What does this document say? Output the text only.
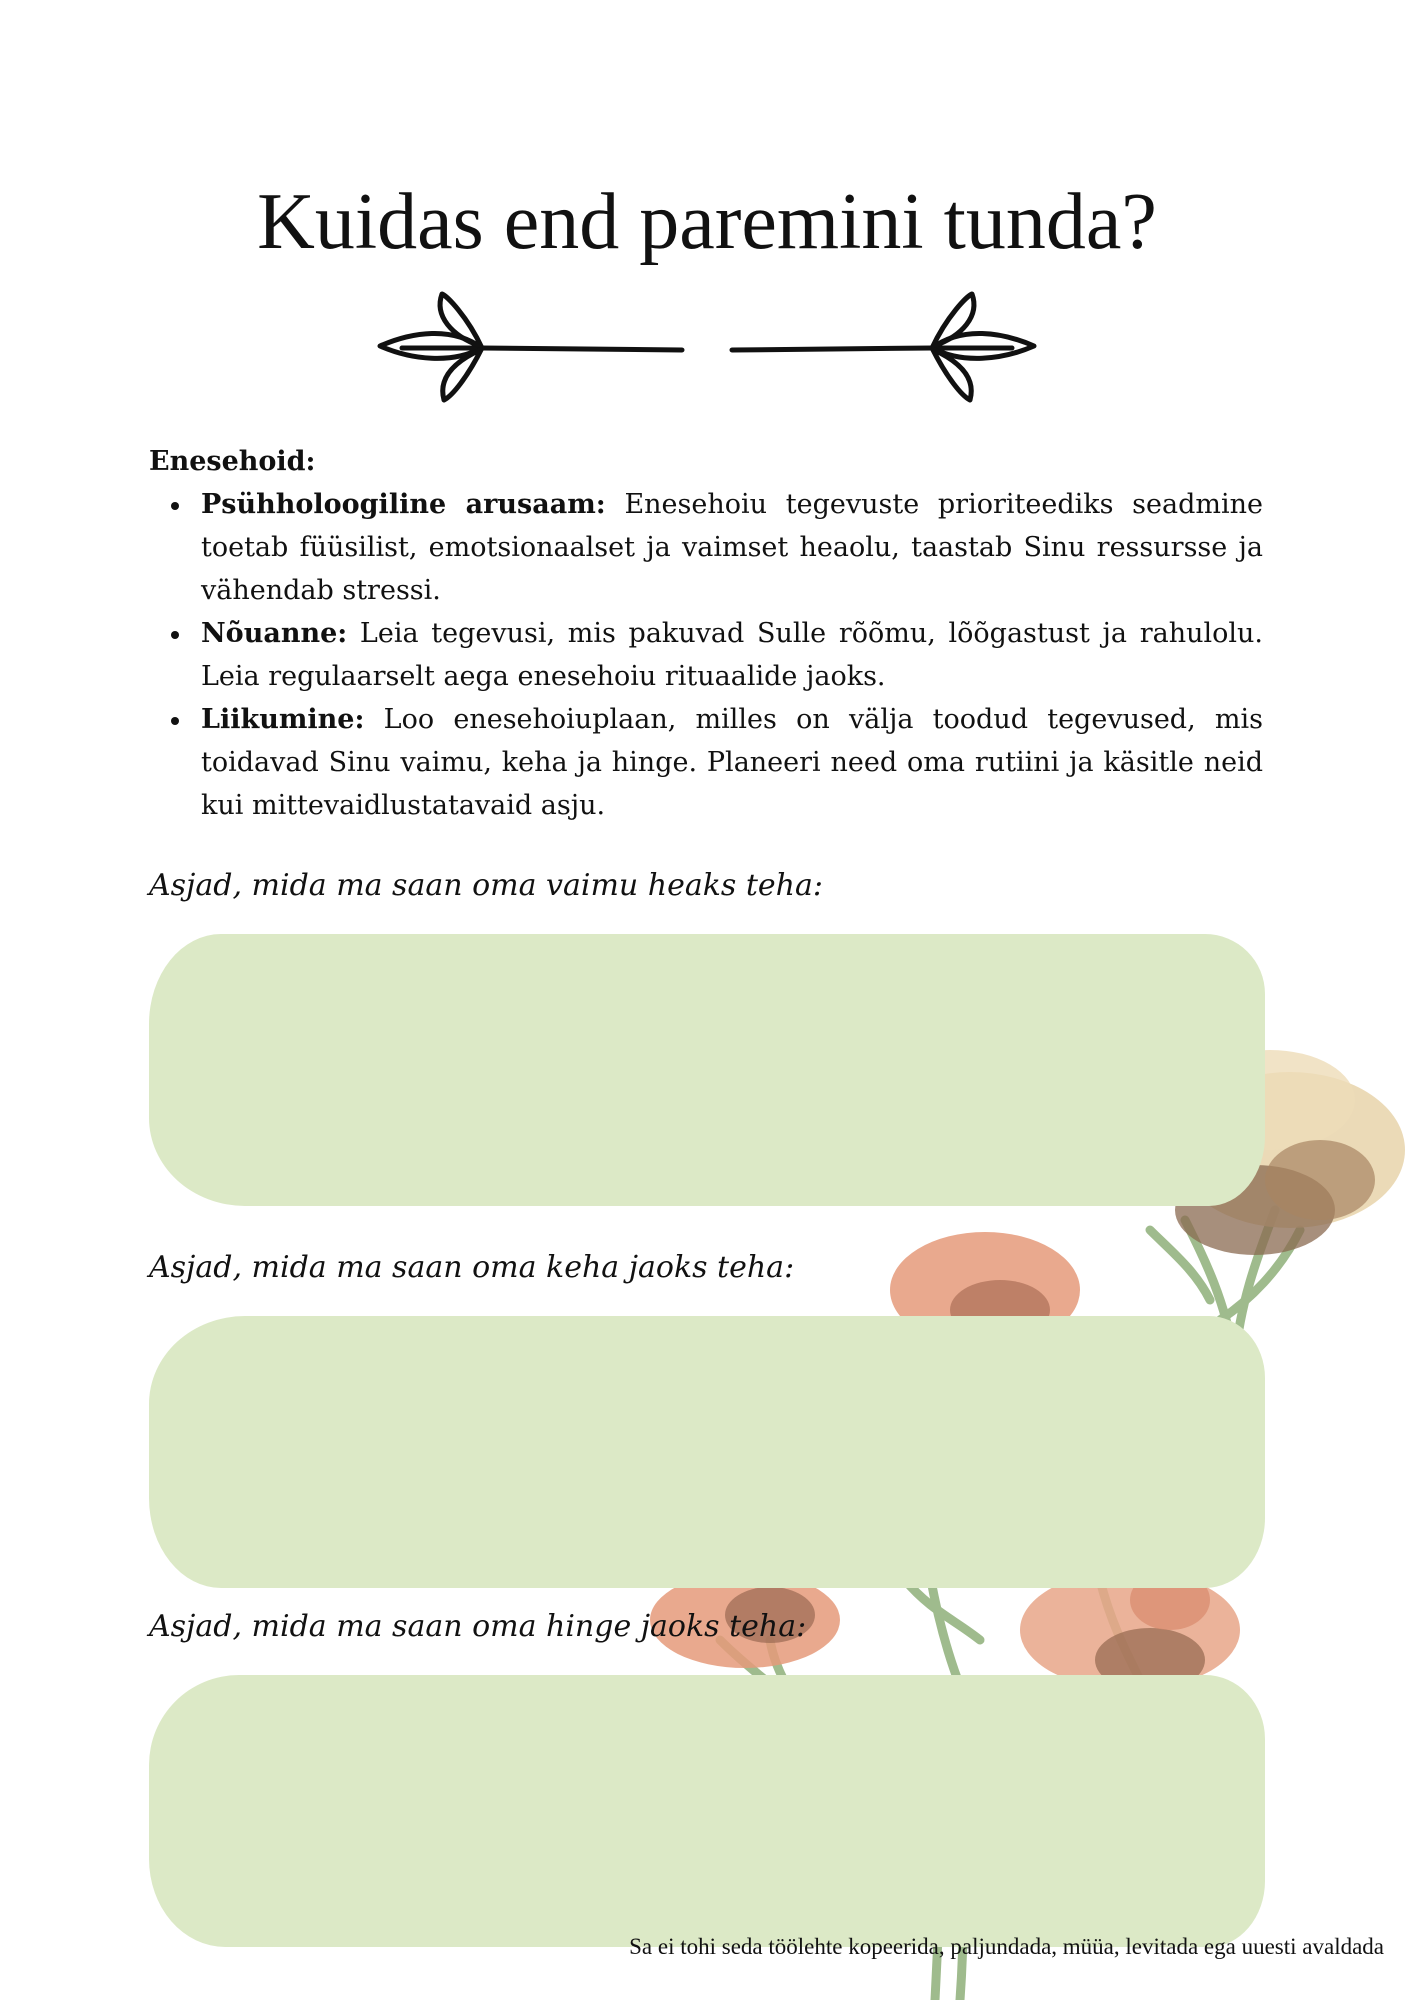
Kuidas end paremini tunda?

Enesehoid:

Psühholoogiline arusaam: Enesehoiu tegevuste prioriteediks seadmine toetab füüsilist, emotsionaalset ja vaimset heaolu, taastab Sinu ressursse ja vähendab stressi.
Nõuanne: Leia tegevusi, mis pakuvad Sulle rõõmu, lõõgastust ja rahulolu. Leia regulaarselt aega enesehoiu rituaalide jaoks.
Liikumine: Loo enesehoiuplaan, milles on välja toodud tegevused, mis toidavad Sinu vaimu, keha ja hinge. Planeeri need oma rutiini ja käsitle neid kui mittevaidlustatavaid asju.

Asjad, mida ma saan oma vaimu heaks teha:

Asjad, mida ma saan oma keha jaoks teha:

Asjad, mida ma saan oma hinge jaoks teha:

Sa ei tohi seda töölehte kopeerida, paljundada, müüa, levitada ega uuesti avaldada
